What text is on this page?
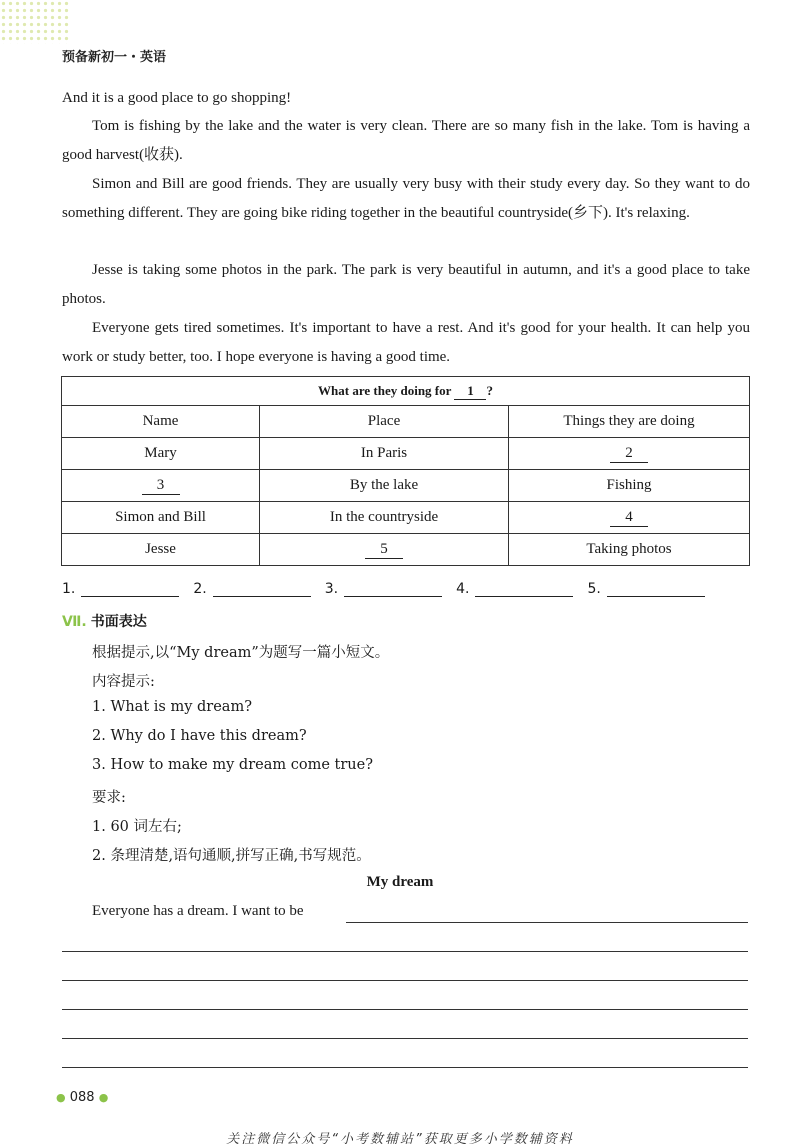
预备新初一・英语

And it is a good place to go shopping!

Tom is fishing by the lake and the water is very clean. There are so many fish in the lake. Tom is having a good harvest(收获).

Simon and Bill are good friends. They are usually very busy with their study every day. So they want to do something different. They are going bike riding together in the beautiful countryside(乡下). It's relaxing.

Jesse is taking some photos in the park. The park is very beautiful in autumn, and it's a good place to take photos.

Everyone gets tired sometimes. It's important to have a rest. And it's good for your health. It can help you work or study better, too. I hope everyone is having a good time.

What are they doing for 1 ?		
Name	Place	Things they are doing
Mary	In Paris	2
3	By the lake	Fishing
Simon and Bill	In the countryside	4
Jesse	5	Taking photos
1.	2.	3.	4.	5.
Ⅶ. 书面表达
根据提示,以“My dream”为题写一篇小短文。
内容提示:
1. What is my dream?
2. Why do I have this dream?
3. How to make my dream come true?
要求:
1. 60 词左右;
2. 条理清楚,语句通顺,拼写正确,书写规范。
My dream
Everyone has a dream. I want to be
● 088 ●
关注微信公众号“小考数辅站”获取更多小学数辅资料
